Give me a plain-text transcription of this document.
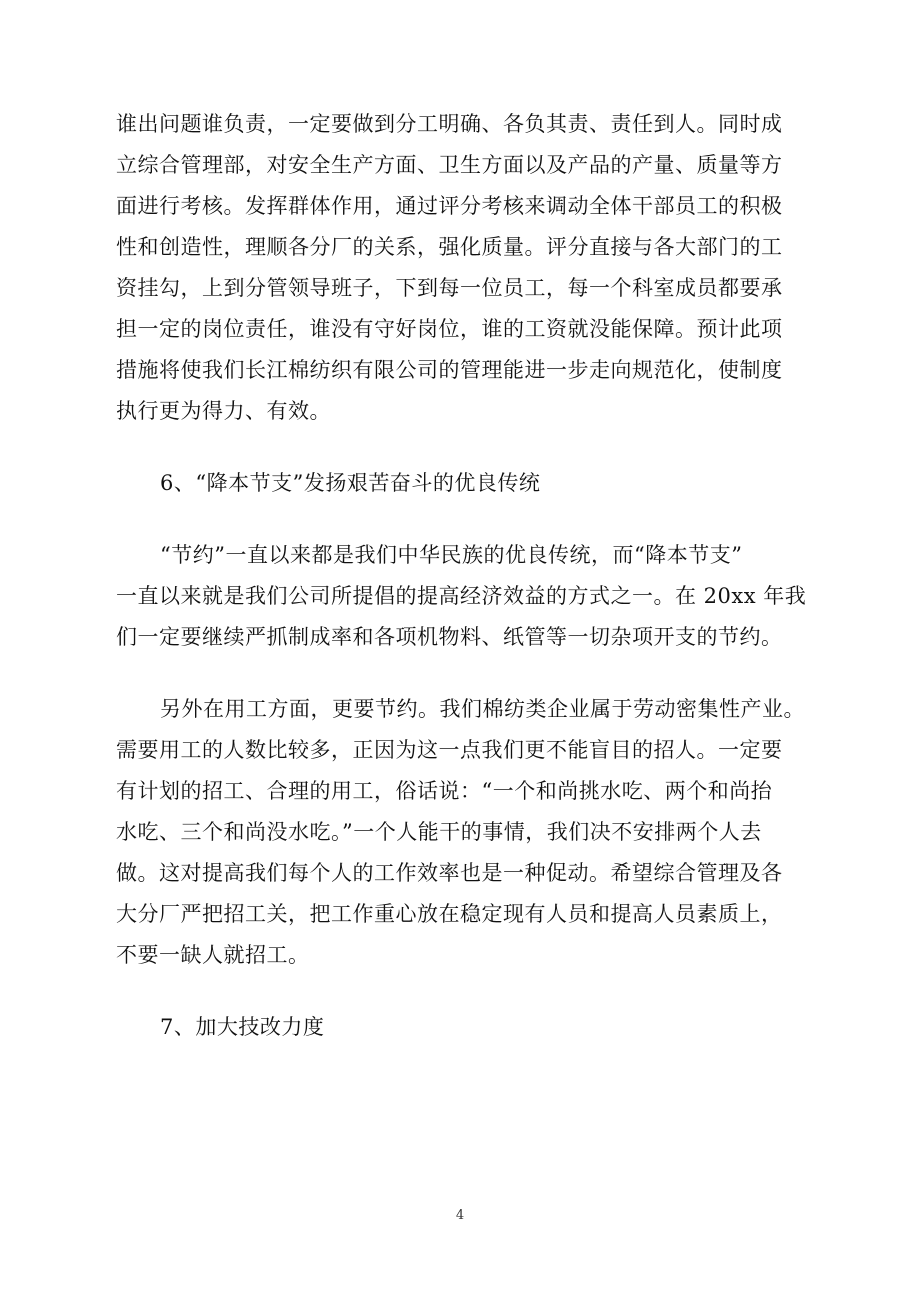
谁出问题谁负责，一定要做到分工明确、各负其责、责任到人。同时成
立综合管理部，对安全生产方面、卫生方面以及产品的产量、质量等方
面进行考核。发挥群体作用，通过评分考核来调动全体干部员工的积极
性和创造性，理顺各分厂的关系，强化质量。评分直接与各大部门的工
资挂勾，上到分管领导班子，下到每一位员工，每一个科室成员都要承
担一定的岗位责任，谁没有守好岗位，谁的工资就没能保障。预计此项
措施将使我们长江棉纺织有限公司的管理能进一步走向规范化，使制度
执行更为得力、有效。
6、“降本节支”发扬艰苦奋斗的优良传统
“节约”一直以来都是我们中华民族的优良传统，而“降本节支”
一直以来就是我们公司所提倡的提高经济效益的方式之一。在 20xx 年我
们一定要继续严抓制成率和各项机物料、纸管等一切杂项开支的节约。
另外在用工方面，更要节约。我们棉纺类企业属于劳动密集性产业。
需要用工的人数比较多，正因为这一点我们更不能盲目的招人。一定要
有计划的招工、合理的用工，俗话说：“一个和尚挑水吃、两个和尚抬
水吃、三个和尚没水吃。”一个人能干的事情，我们决不安排两个人去
做。这对提高我们每个人的工作效率也是一种促动。希望综合管理及各
大分厂严把招工关，把工作重心放在稳定现有人员和提高人员素质上，
不要一缺人就招工。
7、加大技改力度
4
